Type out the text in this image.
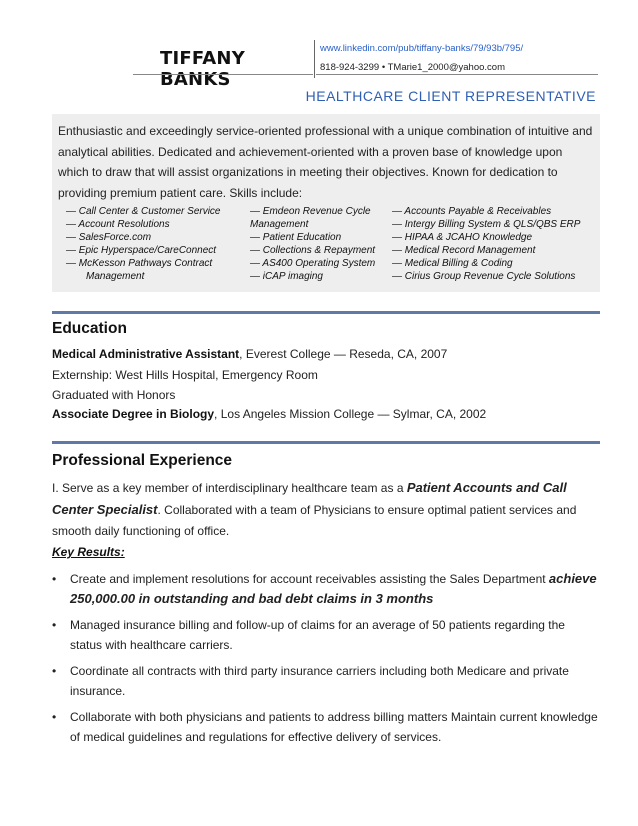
TIFFANY BANKS
www.linkedin.com/pub/tiffany-banks/79/93b/795/
818-924-3299 • TMarie1_2000@yahoo.com
HEALTHCARE CLIENT REPRESENTATIVE
Enthusiastic and exceedingly service-oriented professional with a unique combination of intuitive and analytical abilities. Dedicated and achievement-oriented with a proven base of knowledge upon which to draw that will assist organizations in meeting their objectives. Known for dedication to providing premium patient care. Skills include:
— Call Center & Customer Service
— Account Resolutions
— SalesForce.com
— Epic Hyperspace/CareConnect
— McKesson Pathways Contract
Management
— Emdeon Revenue Cycle
Management
— Patient Education
— Collections & Repayment
— AS400 Operating System
— iCAP imaging
— Accounts Payable & Receivables
— Intergy Billing System & QLS/QBS ERP
— HIPAA & JCAHO Knowledge
— Medical Record Management
— Medical Billing & Coding
— Cirius Group Revenue Cycle Solutions
Education
Medical Administrative Assistant, Everest College — Reseda, CA, 2007
Externship: West Hills Hospital, Emergency Room
Graduated with Honors
Associate Degree in Biology, Los Angeles Mission College — Sylmar, CA, 2002
Professional Experience
I. Serve as a key member of interdisciplinary healthcare team as a Patient Accounts and Call Center Specialist. Collaborated with a team of Physicians to ensure optimal patient services and smooth daily functioning of office.
Key Results:
• Create and implement resolutions for account receivables assisting the Sales Department achieve 250,000.00 in outstanding and bad debt claims in 3 months
• Managed insurance billing and follow-up of claims for an average of 50 patients regarding the status with healthcare carriers.
• Coordinate all contracts with third party insurance carriers including both Medicare and private insurance.
• Collaborate with both physicians and patients to address billing matters Maintain current knowledge of medical guidelines and regulations for effective delivery of services.
